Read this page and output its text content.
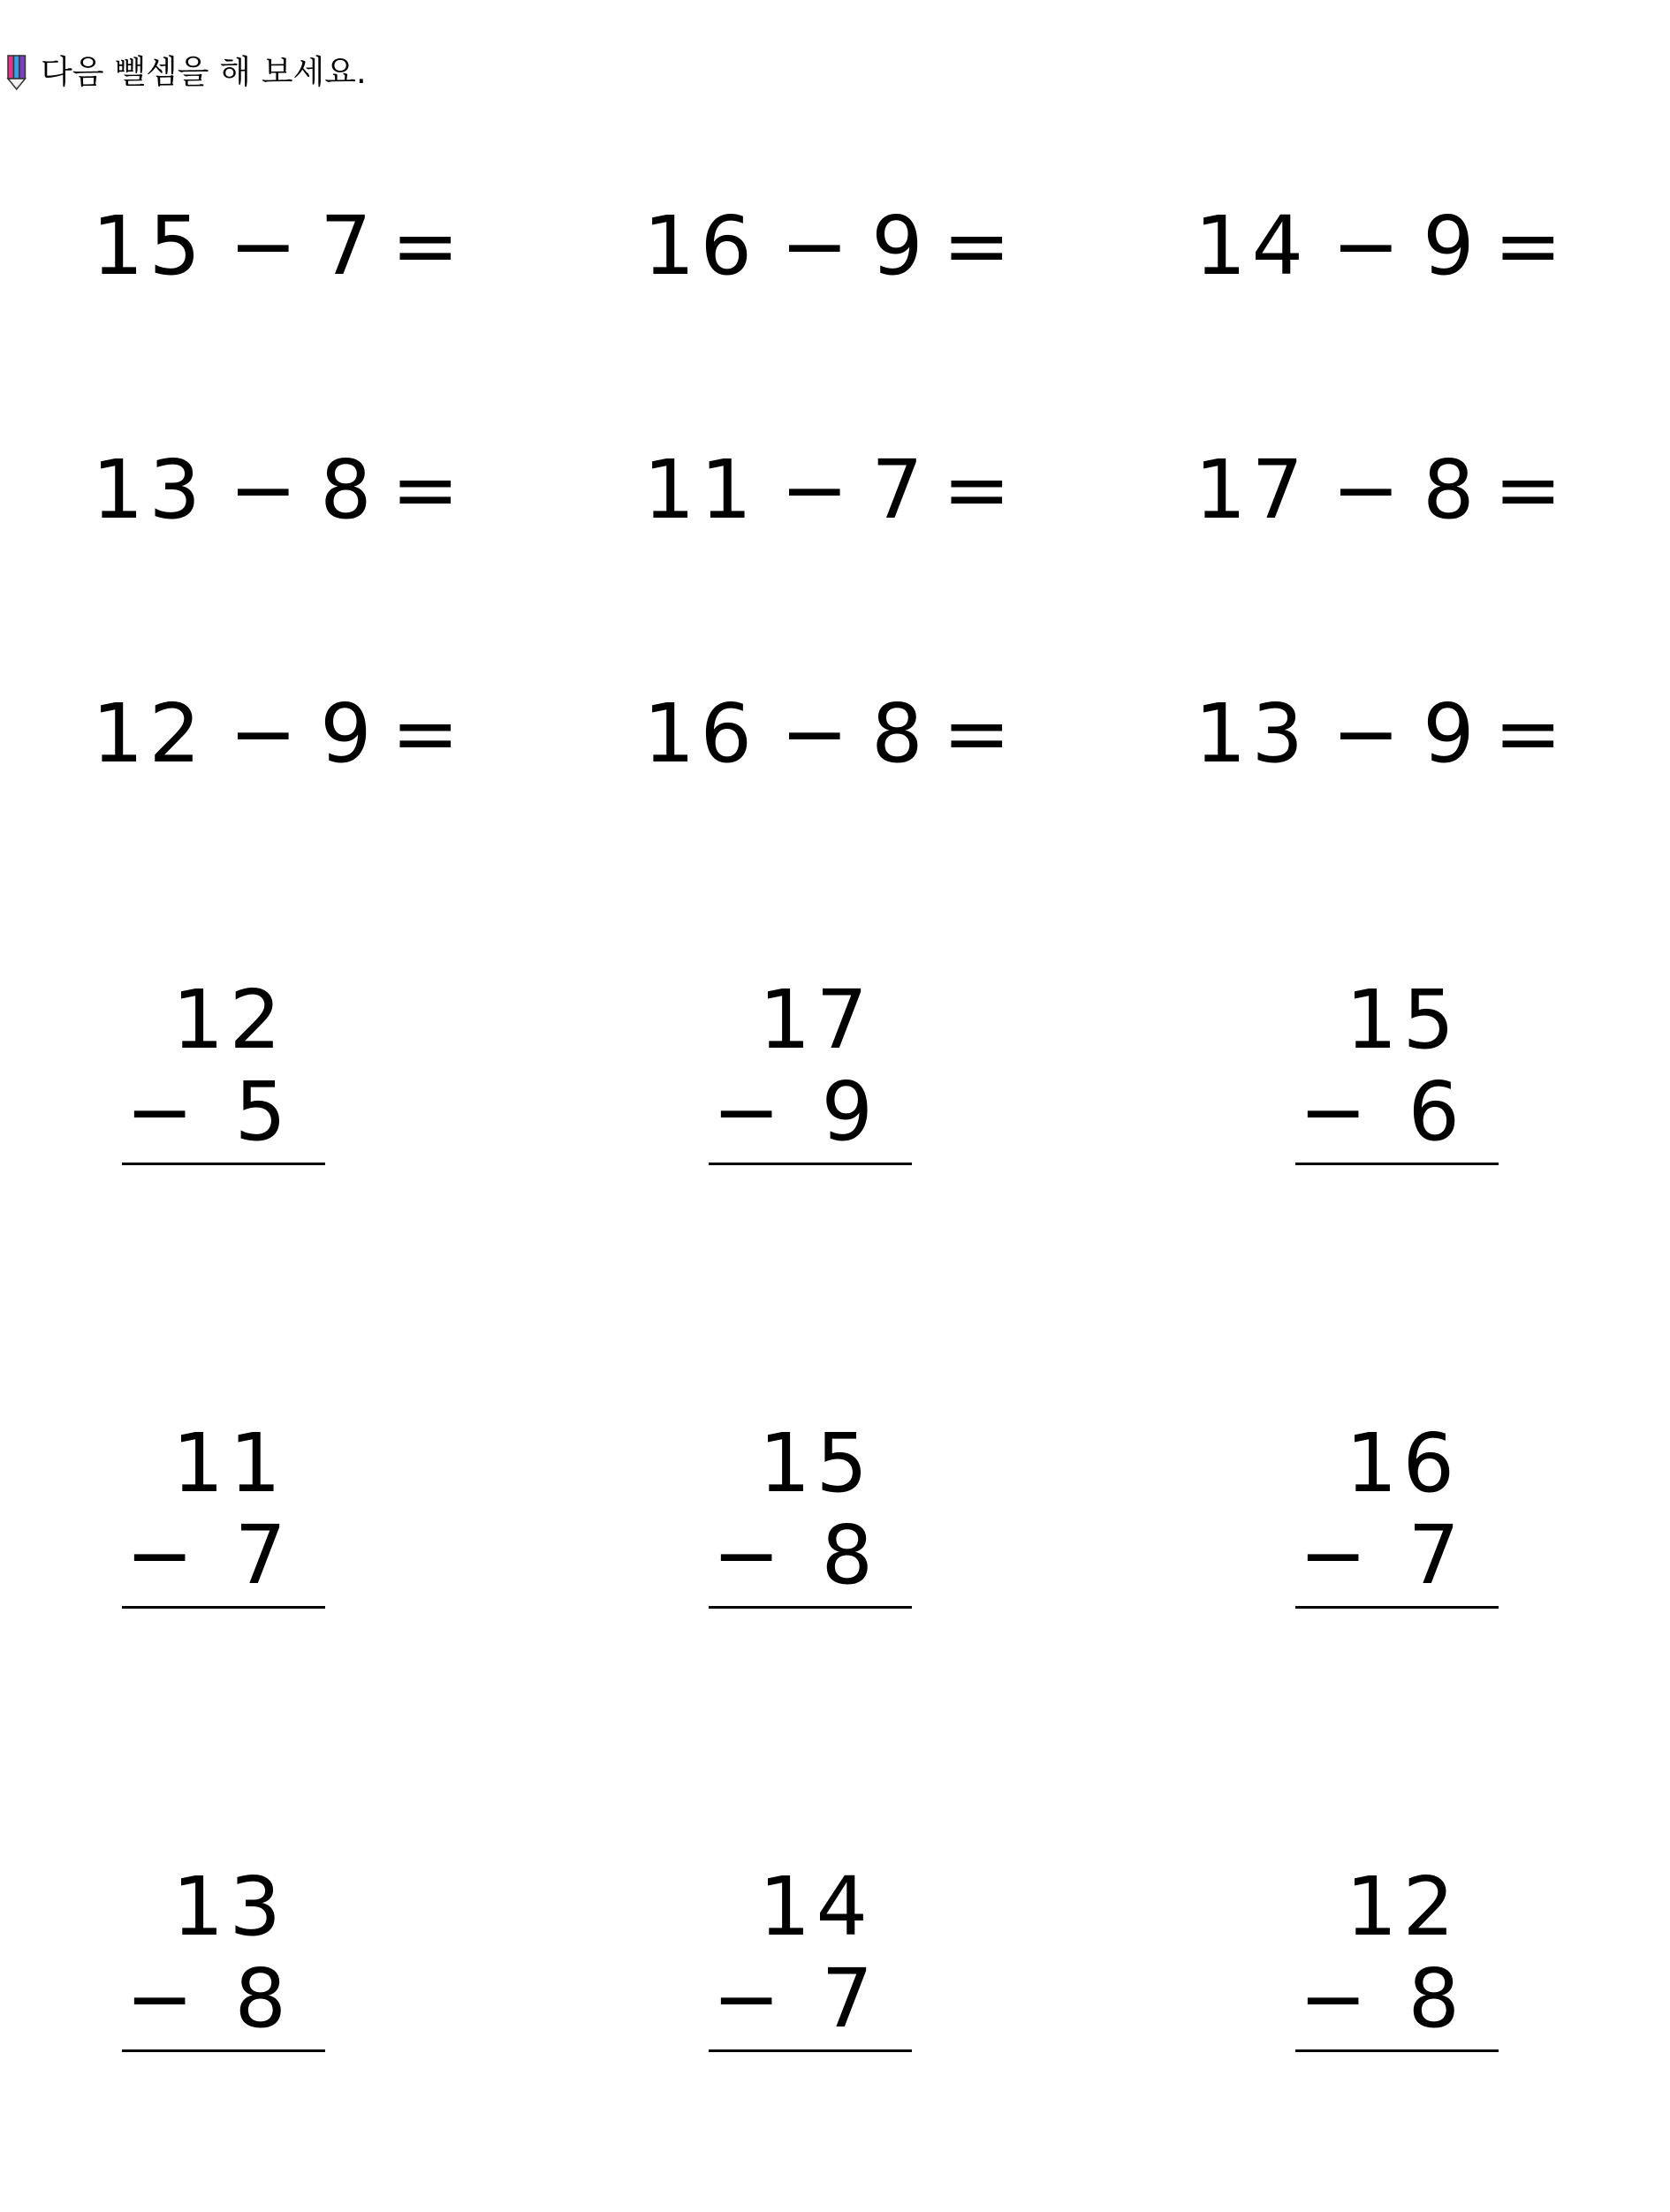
다음 뺄셈을 해 보세요.
15 − 7 = 16 − 9 = 14 − 9 =
13 − 8 = 11 − 7 = 17 − 8 =
12 − 9 = 16 − 8 = 13 − 9 =
12
− 5
17
− 9
15
− 6
11
− 7
15
− 8
16
− 7
13
− 8
14
− 7
12
− 8
